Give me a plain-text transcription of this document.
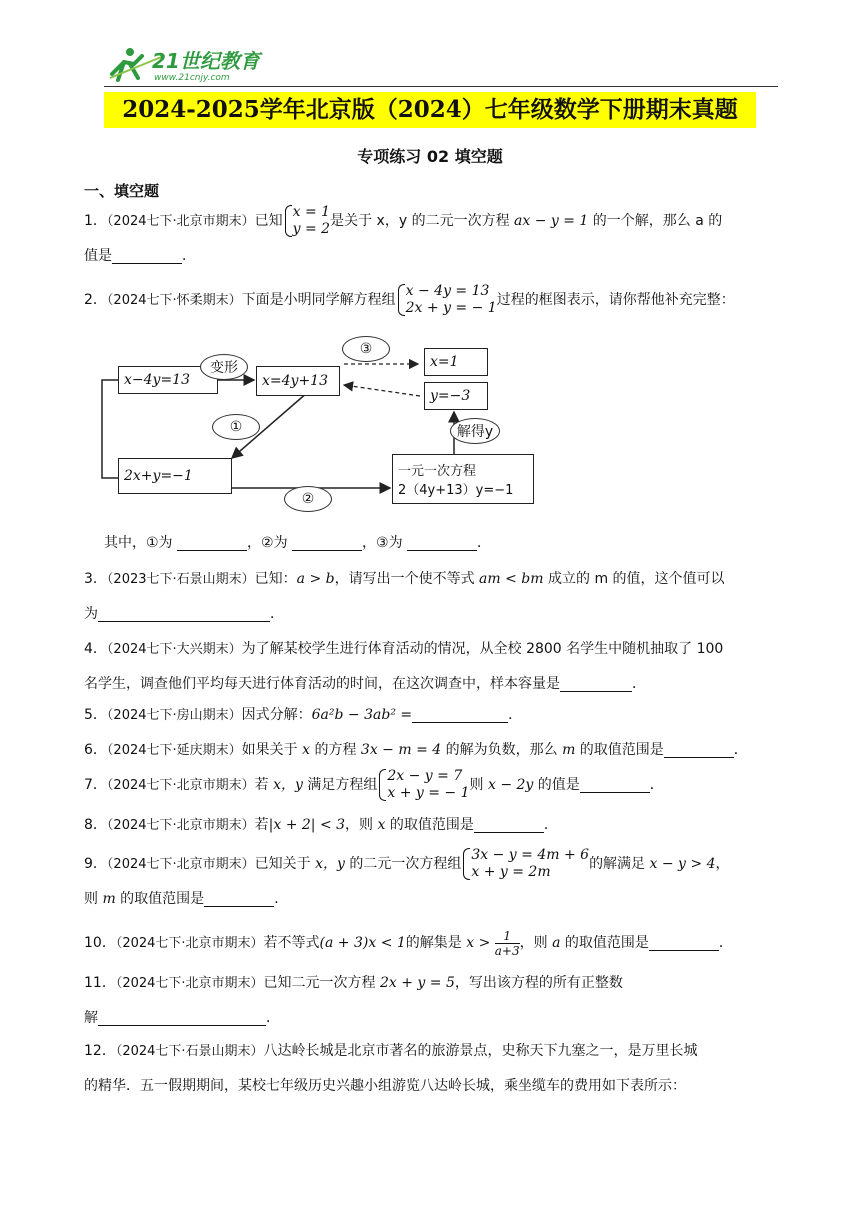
21世纪教育
www.21cnjy.com
2024-2025学年北京版（2024）七年级数学下册期末真题
专项练习 02 填空题
一、填空题
1．（2024七下·北京市期末）已知
x = 1
y = 2 是关于 x，y 的二元一次方程 ax − y = 1 的一个解，那么 a 的
值是	．
2．（2024七下·怀柔期末）下面是小明同学解方程组
x − 4y = 13
2x + y = − 1 过程的框图表示，请你帮他补充完整：
x−4y=13
变形
x=4y+13
③
x=1
y=−3
①	解得y
2x+y=−1
②
一元一次方程
2（4y+13）y=−1
其中，①为	，②为	，③为	．
3．（2023七下·石景山期末）已知：a > b，请写出一个使不等式 am < bm 成立的 m 的值，这个值可以
为	．
4．（2024七下·大兴期末）为了解某校学生进行体育活动的情况，从全校 2800 名学生中随机抽取了 100
名学生，调查他们平均每天进行体育活动的时间，在这次调查中，样本容量是	．
5．（2024七下·房山期末）因式分解：6a²b − 3ab² =	．
6．（2024七下·延庆期末）如果关于 x 的方程 3x − m = 4 的解为负数，那么 m 的取值范围是	．
7．（2024七下·北京市期末）若 x，y 满足方程组
2x − y = 7
x + y = − 1 则 x − 2y 的值是	．
8．（2024七下·北京市期末）若|x + 2| < 3，则 x 的取值范围是	．
9．（2024七下·北京市期末）已知关于 x，y 的二元一次方程组
3x − y = 4m + 6
x + y = 2m	的解满足 x − y > 4，
则 m 的取值范围是	．
10．（2024七下·北京市期末）若不等式(a + 3)x < 1的解集是 $x > \frac{1}{a+3}$ ，则 a 的取值范围是	．
11．（2024七下·北京市期末）已知二元一次方程 2x + y = 5，写出该方程的所有正整数
解	．
12．（2024七下·石景山期末）八达岭长城是北京市著名的旅游景点，史称天下九塞之一，是万里长城
的精华．五一假期期间，某校七年级历史兴趣小组游览八达岭长城，乘坐缆车的费用如下表所示：
